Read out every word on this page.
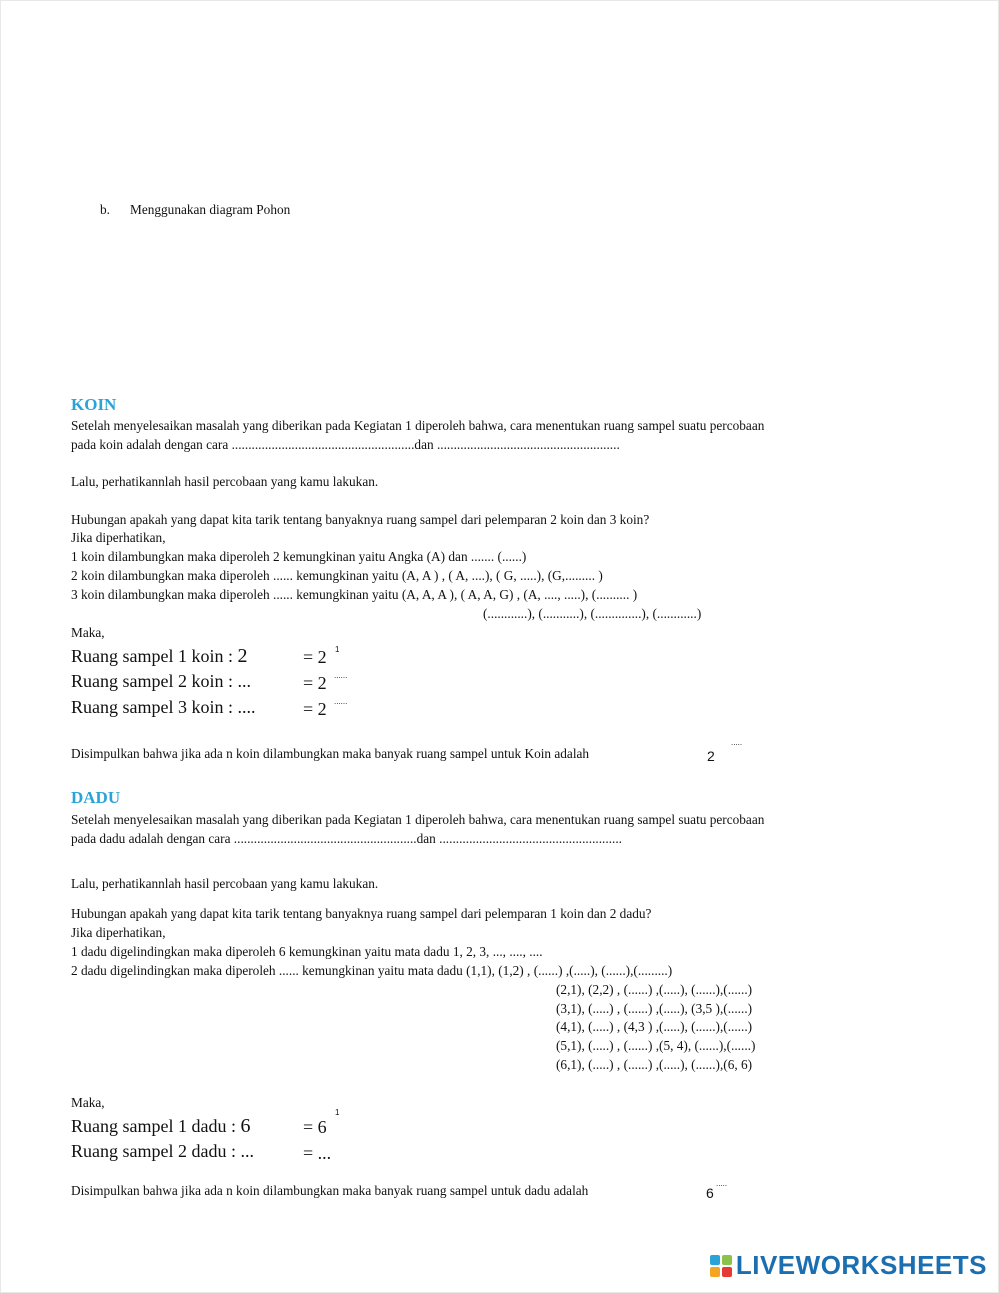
b. Menggunakan diagram Pohon
KOIN
Setelah menyelesaikan masalah yang diberikan pada Kegiatan 1 diperoleh bahwa, cara menentukan ruang sampel suatu percobaan
pada koin adalah dengan cara .......................................................dan .......................................................
Lalu, perhatikannlah hasil percobaan yang kamu lakukan.
Hubungan apakah yang dapat kita tarik tentang banyaknya ruang sampel dari pelemparan 2 koin dan 3 koin?
Jika diperhatikan,
1 koin dilambungkan maka diperoleh 2 kemungkinan yaitu Angka (A) dan ....... (......)
2 koin dilambungkan maka diperoleh ...... kemungkinan yaitu (A, A ) , ( A, ....), ( G, .....), (G,......... )
3 koin dilambungkan maka diperoleh ...... kemungkinan yaitu (A, A, A ), ( A, A, G) , (A, ...., .....), (.......... )
(............), (...........), (..............), (............)
Maka,
Ruang sampel 1 koin : 2	= 2 1
Ruang sampel 2 koin : ...	= 2 ......
Ruang sampel 3 koin : ....	= 2 ......
Disimpulkan bahwa jika ada n koin dilambungkan maka banyak ruang sampel untuk Koin adalah	2
.....
DADU
Setelah menyelesaikan masalah yang diberikan pada Kegiatan 1 diperoleh bahwa, cara menentukan ruang sampel suatu percobaan
pada dadu adalah dengan cara .......................................................dan .......................................................
Lalu, perhatikannlah hasil percobaan yang kamu lakukan.
Hubungan apakah yang dapat kita tarik tentang banyaknya ruang sampel dari pelemparan 1 koin dan 2 dadu?
Jika diperhatikan,
1 dadu digelindingkan maka diperoleh 6 kemungkinan yaitu mata dadu 1, 2, 3, ..., ...., ....
2 dadu digelindingkan maka diperoleh ...... kemungkinan yaitu mata dadu (1,1), (1,2) , (......) ,(.....), (......),(.........)
(2,1), (2,2) , (......) ,(.....), (......),(......)
(3,1), (.....) , (......) ,(.....), (3,5 ),(......)
(4,1), (.....) , (4,3 ) ,(.....), (......),(......)
(5,1), (.....) , (......) ,(5, 4), (......),(......)
(6,1), (.....) , (......) ,(.....), (......),(6, 6)
Maka,
Ruang sampel 1 dadu : 6	= 6
1
Ruang sampel 2 dadu : ...	= ...
Disimpulkan bahwa jika ada n koin dilambungkan maka banyak ruang sampel untuk dadu adalah	6
.....
LIVEWORKSHEETS
